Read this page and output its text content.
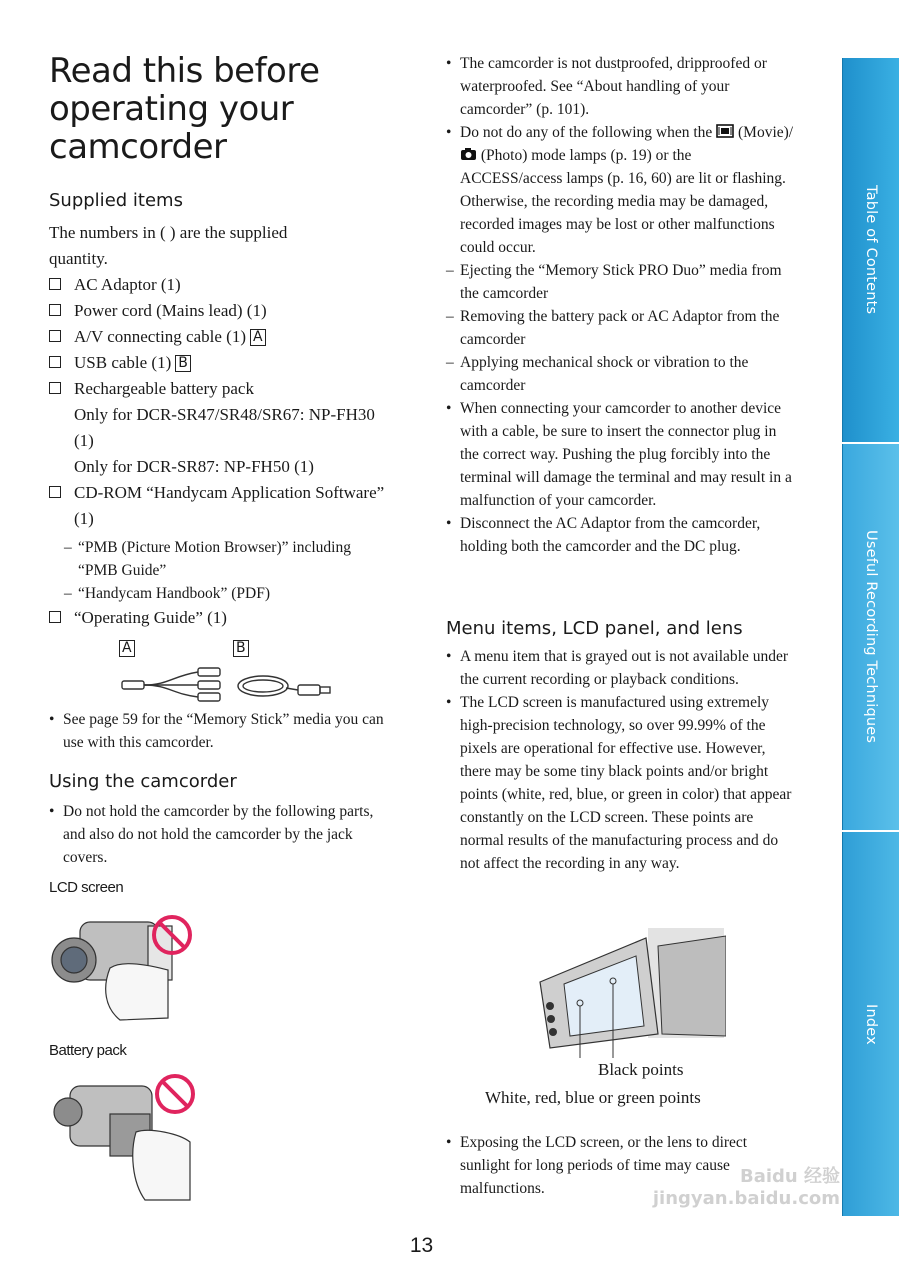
Read this before operating your camcorder
Supplied items
The numbers in ( ) are the supplied quantity.
AC Adaptor (1)
Power cord (Mains lead) (1)
A/V connecting cable (1) A
USB cable (1) B
Rechargeable battery pack
Only for DCR-SR47/SR48/SR67: NP-FH30 (1)
Only for DCR-SR87: NP-FH50 (1)
CD-ROM “Handycam Application Software” (1)
– “PMB (Picture Motion Browser)” including “PMB Guide”
– “Handycam Handbook” (PDF)
“Operating Guide” (1)
A	B
• See page 59 for the “Memory Stick” media you can use with this camcorder.
Using the camcorder
• Do not hold the camcorder by the following parts, and also do not hold the camcorder by the jack covers.
LCD screen
Battery pack
• The camcorder is not dustproofed, dripproofed or waterproofed. See “About handling of your camcorder” (p. 101).
• Do not do any of the following when the (Movie)/  (Photo) mode lamps (p. 19) or the ACCESS/access lamps (p. 16, 60) are lit or flashing. Otherwise, the recording media may be damaged, recorded images may be lost or other malfunctions could occur.
– Ejecting the “Memory Stick PRO Duo” media from the camcorder
– Removing the battery pack or AC Adaptor from the camcorder
– Applying mechanical shock or vibration to the camcorder
• When connecting your camcorder to another device with a cable, be sure to insert the connector plug in the correct way. Pushing the plug forcibly into the terminal will damage the terminal and may result in a malfunction of your camcorder.
• Disconnect the AC Adaptor from the camcorder, holding both the camcorder and the DC plug.
Menu items, LCD panel, and lens
• A menu item that is grayed out is not available under the current recording or playback conditions.
• The LCD screen is manufactured using extremely high-precision technology, so over 99.99% of the pixels are operational for effective use. However, there may be some tiny black points and/or bright points (white, red, blue, or green in color) that appear constantly on the LCD screen. These points are normal results of the manufacturing process and do not affect the recording in any way.
Black points
White, red, blue or green points
• Exposing the LCD screen, or the lens to direct sunlight for long periods of time may cause malfunctions.
Table of Contents
Useful Recording Techniques
Index
Baidu 经验 jingyan.baidu.com
13
